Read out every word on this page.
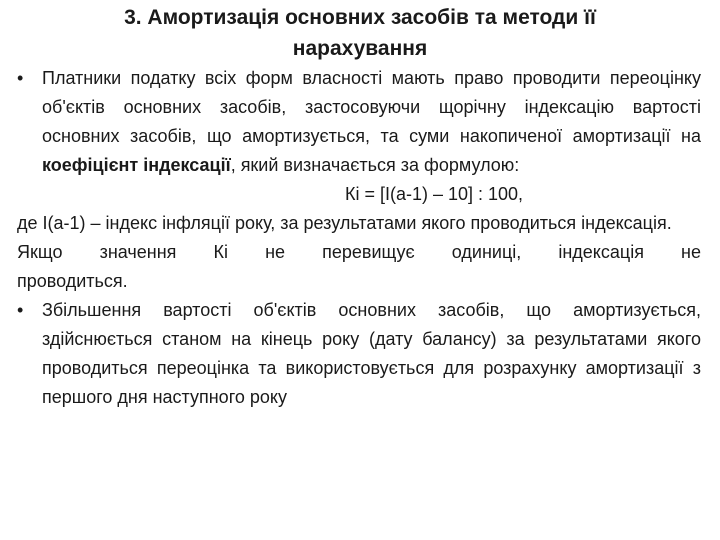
3. Амортизація основних засобів та методи її
нарахування
•	Платники податку всіх форм власності мають право проводити переоцінку об'єктів основних засобів, застосовуючи щорічну індексацію вартості основних засобів, що амортизується, та суми накопиченої амортизації на коефіцієнт індексації, який визначається за формулою:
Кі = [І(а-1) – 10] : 100,
де І(а-1) – індекс інфляції року, за результатами якого проводиться індексація.
Якщо значення Кі не перевищує одиниці, індексація не
проводиться.
•	Збільшення вартості об'єктів основних засобів, що амортизується, здійснюється станом на кінець року (дату балансу) за результатами якого проводиться переоцінка та використовується для розрахунку амортизації з першого дня наступного року
